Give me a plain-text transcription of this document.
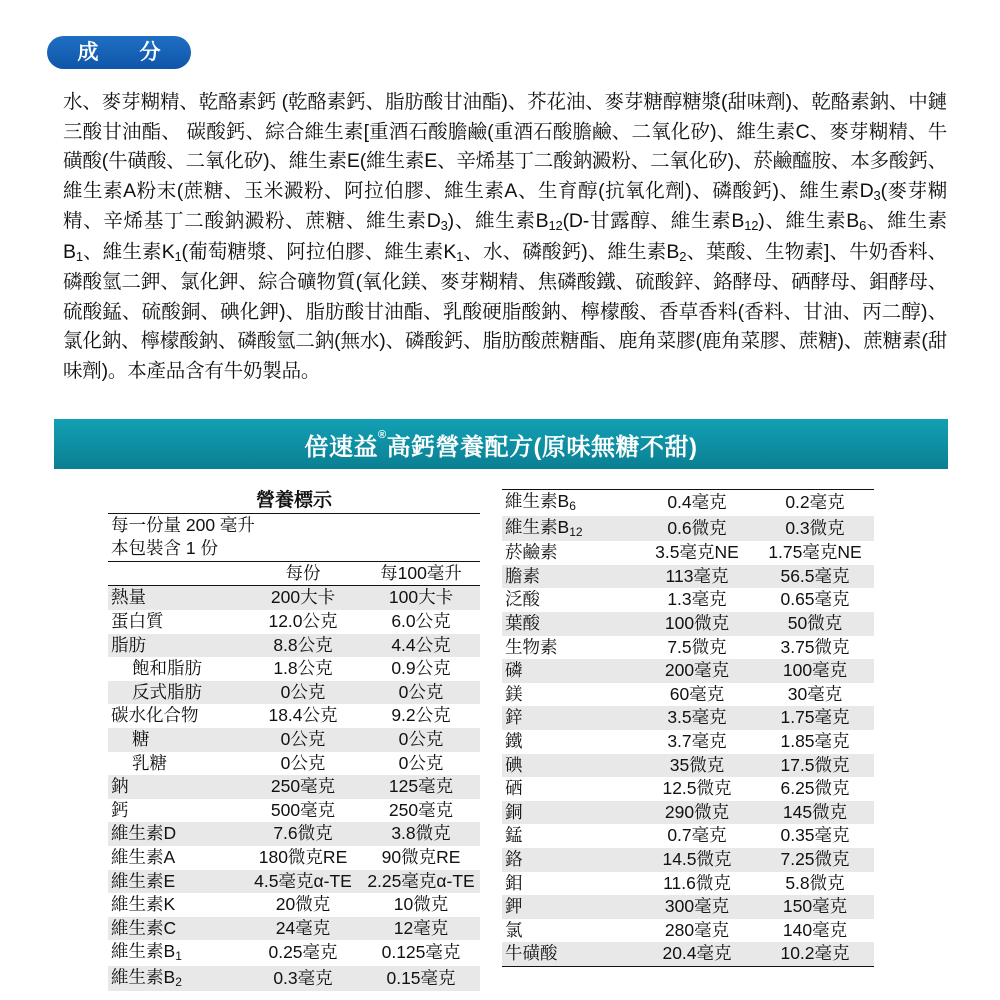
成　分
水、麥芽糊精、乾酪素鈣 (乾酪素鈣、脂肪酸甘油酯)、芥花油、麥芽糖醇糖漿(甜味劑)、乾酪素鈉、中鏈三酸甘油酯、 碳酸鈣、綜合維生素[重酒石酸膽鹼(重酒石酸膽鹼、二氧化矽)、維生素C、麥芽糊精、牛磺酸(牛磺酸、二氧化矽)、維生素E(維生素E、辛烯基丁二酸鈉澱粉、二氧化矽)、菸鹼醯胺、本多酸鈣、維生素A粉末(蔗糖、玉米澱粉、阿拉伯膠、維生素A、生育醇(抗氧化劑)、磷酸鈣)、維生素$D_3$(麥芽糊精、辛烯基丁二酸鈉澱粉、蔗糖、維生素$D_3$)、維生素$B_{12}(D-$甘露醇、維生素$B_{12}$)、維生素$B_6$、維生素$B_1$、維生素$K_1$(葡萄糖漿、阿拉伯膠、維生素$K_1$、水、磷酸鈣)、維生素$B_2$、葉酸、生物素]、牛奶香料、磷酸氫二鉀、氯化鉀、綜合礦物質(氧化鎂、麥芽糊精、焦磷酸鐵、硫酸鋅、鉻酵母、硒酵母、鉬酵母、硫酸錳、硫酸銅、碘化鉀)、脂肪酸甘油酯、乳酸硬脂酸鈉、檸檬酸、香草香料(香料、甘油、丙二醇)、氯化鈉、檸檬酸鈉、磷酸氫二鈉(無水)、磷酸鈣、脂肪酸蔗糖酯、鹿角菜膠(鹿角菜膠、蔗糖)、蔗糖素(甜味劑)。本產品含有牛奶製品。
倍速益®高鈣營養配方(原味無糖不甜)
營養標示		
每一份量 200 毫升		
本包裝含 1 份		
	每份	每100毫升
熱量	200大卡	100大卡
蛋白質	12.0公克	6.0公克
脂肪	8.8公克	4.4公克
飽和脂肪	1.8公克	0.9公克
反式脂肪	0公克	0公克
碳水化合物	18.4公克	9.2公克
糖	0公克	0公克
乳糖	0公克	0公克
鈉	250毫克	125毫克
鈣	500毫克	250毫克
維生素D	7.6微克	3.8微克
維生素A	180微克RE	90微克RE
維生素E	4.5毫克α-TE	2.25毫克α-TE
維生素K	20微克	10微克
維生素C	24毫克	12毫克
維生素B1	0.25毫克	0.125毫克
維生素B2	0.3毫克	0.15毫克
維生素B6	0.4毫克	0.2毫克
維生素B12	0.6微克	0.3微克
菸鹼素	3.5毫克NE	1.75毫克NE
膽素	113毫克	56.5毫克
泛酸	1.3毫克	0.65毫克
葉酸	100微克	50微克
生物素	7.5微克	3.75微克
磷	200毫克	100毫克
鎂	60毫克	30毫克
鋅	3.5毫克	1.75毫克
鐵	3.7毫克	1.85毫克
碘	35微克	17.5微克
硒	12.5微克	6.25微克
銅	290微克	145微克
錳	0.7毫克	0.35毫克
鉻	14.5微克	7.25微克
鉬	11.6微克	5.8微克
鉀	300毫克	150毫克
氯	280毫克	140毫克
牛磺酸	20.4毫克	10.2毫克
